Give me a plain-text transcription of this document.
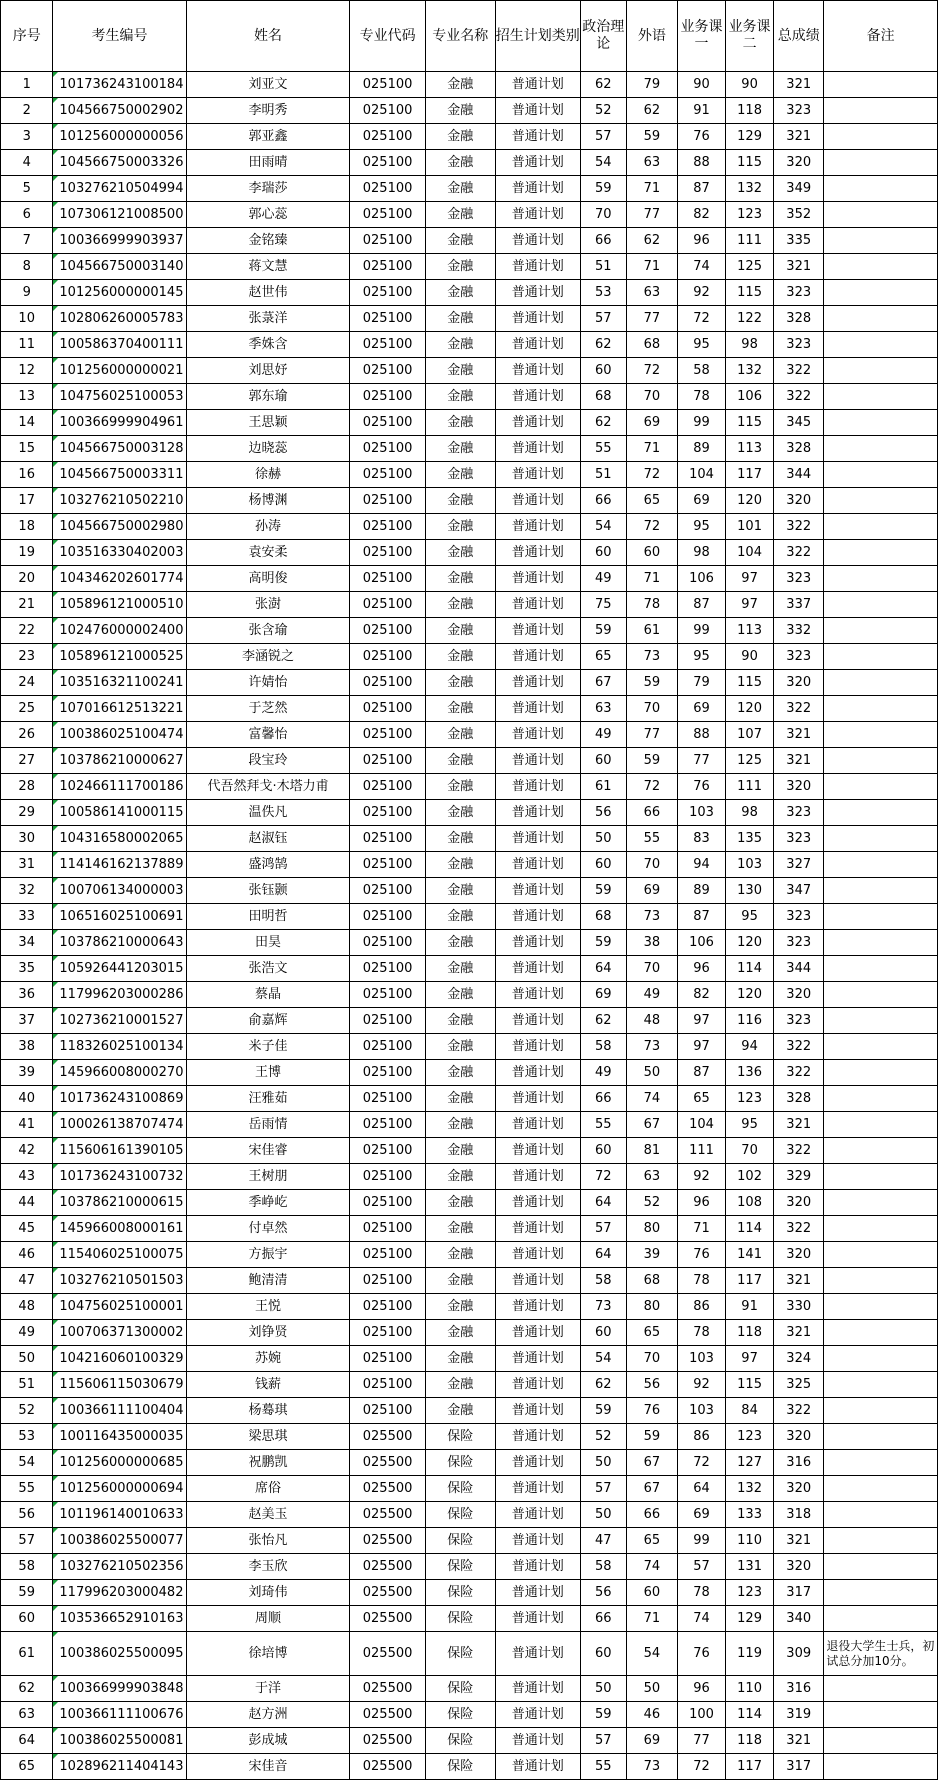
序号	考生编号	姓名	专业代码	专业名称	招生计划类别	政治理论	外语	业务课一	业务课二	总成绩	备注
1	101736243100184	刘亚文	025100	金融	普通计划	62	79	90	90	321	
2	104566750002902	李明秀	025100	金融	普通计划	52	62	91	118	323	
3	101256000000056	郭亚鑫	025100	金融	普通计划	57	59	76	129	321	
4	104566750003326	田雨晴	025100	金融	普通计划	54	63	88	115	320	
5	103276210504994	李瑞莎	025100	金融	普通计划	59	71	87	132	349	
6	107306121008500	郭心蕊	025100	金融	普通计划	70	77	82	123	352	
7	100366999903937	金铭臻	025100	金融	普通计划	66	62	96	111	335	
8	104566750003140	蒋文慧	025100	金融	普通计划	51	71	74	125	321	
9	101256000000145	赵世伟	025100	金融	普通计划	53	63	92	115	323	
10	102806260005783	张菉洋	025100	金融	普通计划	57	77	72	122	328	
11	100586370400111	季姝含	025100	金融	普通计划	62	68	95	98	323	
12	101256000000021	刘思妤	025100	金融	普通计划	60	72	58	132	322	
13	104756025100053	郭东瑜	025100	金融	普通计划	68	70	78	106	322	
14	100366999904961	王思颖	025100	金融	普通计划	62	69	99	115	345	
15	104566750003128	边晓蕊	025100	金融	普通计划	55	71	89	113	328	
16	104566750003311	徐赫	025100	金融	普通计划	51	72	104	117	344	
17	103276210502210	杨博渊	025100	金融	普通计划	66	65	69	120	320	
18	104566750002980	孙涛	025100	金融	普通计划	54	72	95	101	322	
19	103516330402003	袁安柔	025100	金融	普通计划	60	60	98	104	322	
20	104346202601774	高明俊	025100	金融	普通计划	49	71	106	97	323	
21	105896121000510	张澍	025100	金融	普通计划	75	78	87	97	337	
22	102476000002400	张含瑜	025100	金融	普通计划	59	61	99	113	332	
23	105896121000525	李涵锐之	025100	金融	普通计划	65	73	95	90	323	
24	103516321100241	许婧怡	025100	金融	普通计划	67	59	79	115	320	
25	107016612513221	于芝然	025100	金融	普通计划	63	70	69	120	322	
26	100386025100474	富馨怡	025100	金融	普通计划	49	77	88	107	321	
27	103786210000627	段宝玲	025100	金融	普通计划	60	59	77	125	321	
28	102466111700186	代吾然拜戈·木塔力甫	025100	金融	普通计划	61	72	76	111	320	
29	100586141000115	温佚凡	025100	金融	普通计划	56	66	103	98	323	
30	104316580002065	赵淑钰	025100	金融	普通计划	50	55	83	135	323	
31	114146162137889	盛鸿鹄	025100	金融	普通计划	60	70	94	103	327	
32	100706134000003	张钰颢	025100	金融	普通计划	59	69	89	130	347	
33	106516025100691	田明哲	025100	金融	普通计划	68	73	87	95	323	
34	103786210000643	田昊	025100	金融	普通计划	59	38	106	120	323	
35	105926441203015	张浩文	025100	金融	普通计划	64	70	96	114	344	
36	117996203000286	蔡晶	025100	金融	普通计划	69	49	82	120	320	
37	102736210001527	俞嘉辉	025100	金融	普通计划	62	48	97	116	323	
38	118326025100134	米子佳	025100	金融	普通计划	58	73	97	94	322	
39	145966008000270	王博	025100	金融	普通计划	49	50	87	136	322	
40	101736243100869	汪雅茹	025100	金融	普通计划	66	74	65	123	328	
41	100026138707474	岳雨情	025100	金融	普通计划	55	67	104	95	321	
42	115606161390105	宋佳睿	025100	金融	普通计划	60	81	111	70	322	
43	101736243100732	王树朋	025100	金融	普通计划	72	63	92	102	329	
44	103786210000615	季峥屹	025100	金融	普通计划	64	52	96	108	320	
45	145966008000161	付卓然	025100	金融	普通计划	57	80	71	114	322	
46	115406025100075	方振宇	025100	金融	普通计划	64	39	76	141	320	
47	103276210501503	鲍清清	025100	金融	普通计划	58	68	78	117	321	
48	104756025100001	王悦	025100	金融	普通计划	73	80	86	91	330	
49	100706371300002	刘铮贤	025100	金融	普通计划	60	65	78	118	321	
50	104216060100329	苏婉	025100	金融	普通计划	54	70	103	97	324	
51	115606115030679	钱薪	025100	金融	普通计划	62	56	92	115	325	
52	100366111100404	杨蓦琪	025100	金融	普通计划	59	76	103	84	322	
53	100116435000035	梁思琪	025500	保险	普通计划	52	59	86	123	320	
54	101256000000685	祝鹏凯	025500	保险	普通计划	50	67	72	127	316	
55	101256000000694	席俗	025500	保险	普通计划	57	67	64	132	320	
56	101196140010633	赵美玉	025500	保险	普通计划	50	66	69	133	318	
57	100386025500077	张怡凡	025500	保险	普通计划	47	65	99	110	321	
58	103276210502356	李玉欣	025500	保险	普通计划	58	74	57	131	320	
59	117996203000482	刘琦伟	025500	保险	普通计划	56	60	78	123	317	
60	103536652910163	周顺	025500	保险	普通计划	66	71	74	129	340	
61	100386025500095	徐培博	025500	保险	普通计划	60	54	76	119	309	退役大学生士兵，初试总分加10分。
62	100366999903848	于洋	025500	保险	普通计划	50	50	96	110	316	
63	100366111100676	赵方洲	025500	保险	普通计划	59	46	100	114	319	
64	100386025500081	彭成城	025500	保险	普通计划	57	69	77	118	321	
65	102896211404143	宋佳音	025500	保险	普通计划	55	73	72	117	317	
